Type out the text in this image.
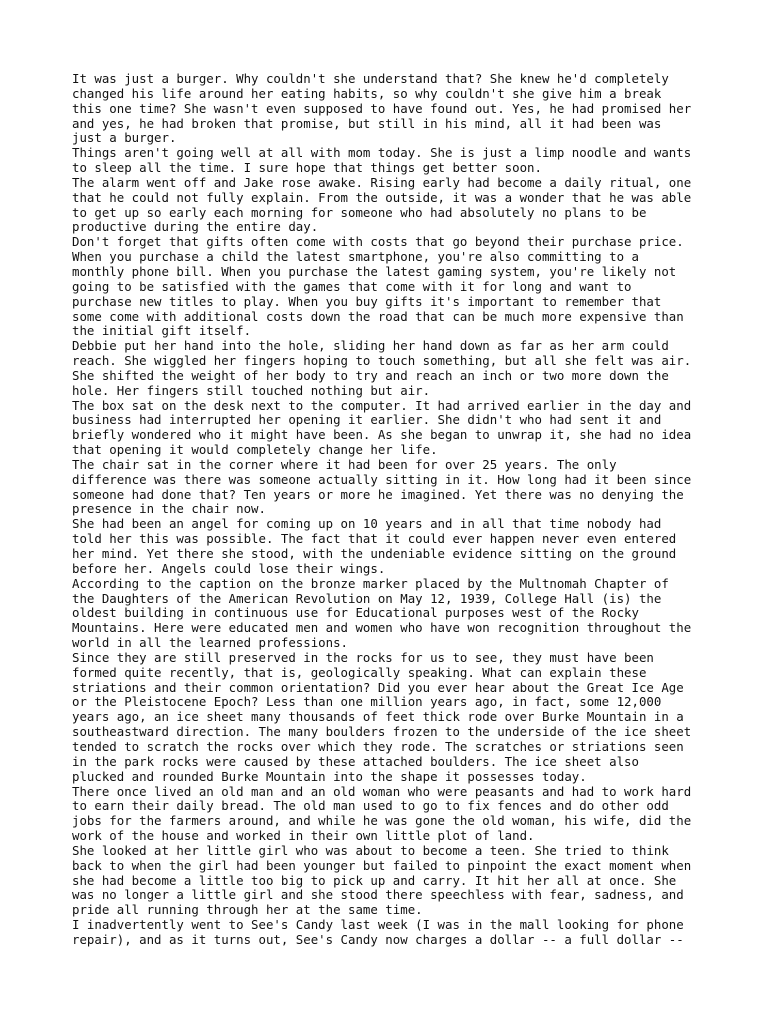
It was just a burger. Why couldn't she understand that? She knew he'd completely
changed his life around her eating habits, so why couldn't she give him a break
this one time? She wasn't even supposed to have found out. Yes, he had promised her
and yes, he had broken that promise, but still in his mind, all it had been was
just a burger.

Things aren't going well at all with mom today. She is just a limp noodle and wants
to sleep all the time. I sure hope that things get better soon.

The alarm went off and Jake rose awake. Rising early had become a daily ritual, one
that he could not fully explain. From the outside, it was a wonder that he was able
to get up so early each morning for someone who had absolutely no plans to be
productive during the entire day.

Don't forget that gifts often come with costs that go beyond their purchase price.
When you purchase a child the latest smartphone, you're also committing to a
monthly phone bill. When you purchase the latest gaming system, you're likely not
going to be satisfied with the games that come with it for long and want to
purchase new titles to play. When you buy gifts it's important to remember that
some come with additional costs down the road that can be much more expensive than
the initial gift itself.

Debbie put her hand into the hole, sliding her hand down as far as her arm could
reach. She wiggled her fingers hoping to touch something, but all she felt was air.
She shifted the weight of her body to try and reach an inch or two more down the
hole. Her fingers still touched nothing but air.

The box sat on the desk next to the computer. It had arrived earlier in the day and
business had interrupted her opening it earlier. She didn't who had sent it and
briefly wondered who it might have been. As she began to unwrap it, she had no idea
that opening it would completely change her life.

The chair sat in the corner where it had been for over 25 years. The only
difference was there was someone actually sitting in it. How long had it been since
someone had done that? Ten years or more he imagined. Yet there was no denying the
presence in the chair now.

She had been an angel for coming up on 10 years and in all that time nobody had
told her this was possible. The fact that it could ever happen never even entered
her mind. Yet there she stood, with the undeniable evidence sitting on the ground
before her. Angels could lose their wings.

According to the caption on the bronze marker placed by the Multnomah Chapter of
the Daughters of the American Revolution on May 12, 1939, College Hall (is) the
oldest building in continuous use for Educational purposes west of the Rocky
Mountains. Here were educated men and women who have won recognition throughout the
world in all the learned professions.

Since they are still preserved in the rocks for us to see, they must have been
formed quite recently, that is, geologically speaking. What can explain these
striations and their common orientation? Did you ever hear about the Great Ice Age
or the Pleistocene Epoch? Less than one million years ago, in fact, some 12,000
years ago, an ice sheet many thousands of feet thick rode over Burke Mountain in a
southeastward direction. The many boulders frozen to the underside of the ice sheet
tended to scratch the rocks over which they rode. The scratches or striations seen
in the park rocks were caused by these attached boulders. The ice sheet also
plucked and rounded Burke Mountain into the shape it possesses today.

There once lived an old man and an old woman who were peasants and had to work hard
to earn their daily bread. The old man used to go to fix fences and do other odd
jobs for the farmers around, and while he was gone the old woman, his wife, did the
work of the house and worked in their own little plot of land.

She looked at her little girl who was about to become a teen. She tried to think
back to when the girl had been younger but failed to pinpoint the exact moment when
she had become a little too big to pick up and carry. It hit her all at once. She
was no longer a little girl and she stood there speechless with fear, sadness, and
pride all running through her at the same time.

I inadvertently went to See's Candy last week (I was in the mall looking for phone
repair), and as it turns out, See's Candy now charges a dollar -- a full dollar --
